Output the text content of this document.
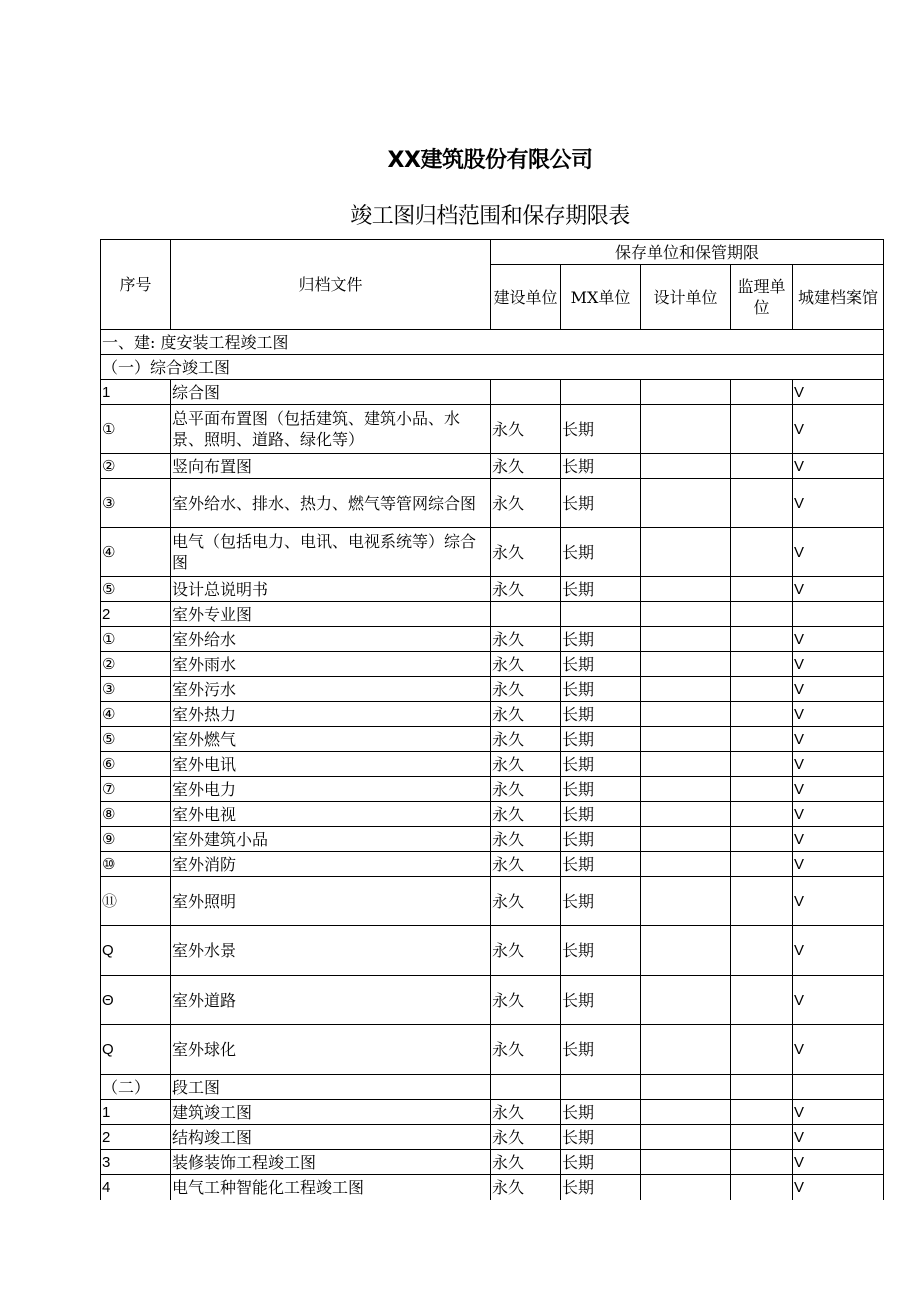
XX建筑股份有限公司
竣工图归档范围和保存期限表
序号	归档文件	保存单位和保管期限				
		建设单位	MX单位	设计单位	监理单位	城建档案馆
一、建: 度安装工程竣工图						
（一）综合竣工图						
1	综合图					V
①	总平面布置图（包括建筑、建筑小品、水景、照明、道路、绿化等）	永久	长期			V
②	竖向布置图	永久	长期			V
③	室外给水、排水、热力、燃气等管网综合图	永久	长期			V
④	电气（包括电力、电讯、电视系统等）综合图	永久	长期			V
⑤	设计总说明书	永久	长期			V
2	室外专业图					
①	室外给水	永久	长期			V
②	室外雨水	永久	长期			V
③	室外污水	永久	长期			V
④	室外热力	永久	长期			V
⑤	室外燃气	永久	长期			V
⑥	室外电讯	永久	长期			V
⑦	室外电力	永久	长期			V
⑧	室外电视	永久	长期			V
⑨	室外建筑小品	永久	长期			V
⑩	室外消防	永久	长期			V
⑪	室外照明	永久	长期			V
Q	室外水景	永久	长期			V
Θ	室外道路	永久	长期			V
Q	室外球化	永久	长期			V
（二）	段工图					
1	建筑竣工图	永久	长期			V
2	结构竣工图	永久	长期			V
3	装修装饰工程竣工图	永久	长期			V
4	电气工种智能化工程竣工图	永久	长期			V
